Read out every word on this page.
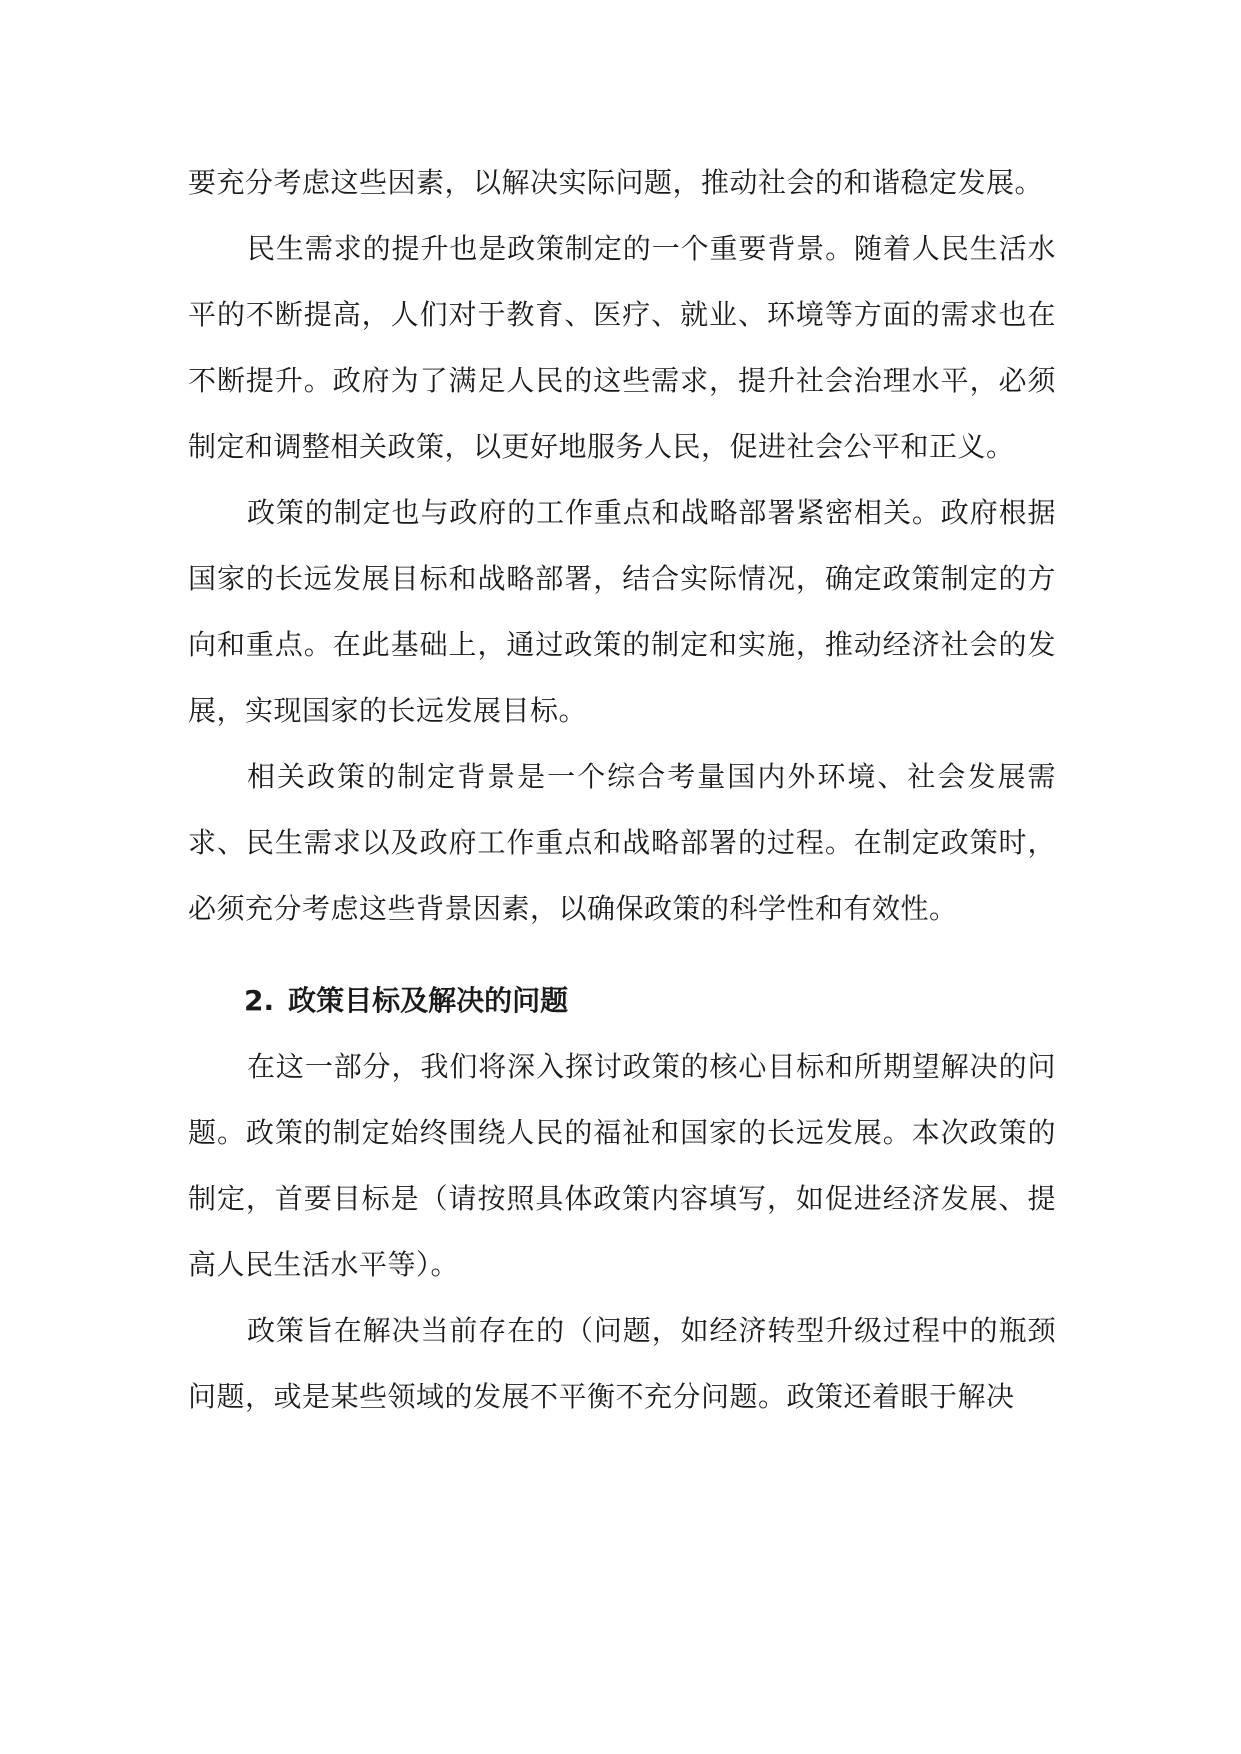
要充分考虑这些因素，以解决实际问题，推动社会的和谐稳定发展。

民生需求的提升也是政策制定的一个重要背景。随着人民生活水平的不断提高，人们对于教育、医疗、就业、环境等方面的需求也在不断提升。政府为了满足人民的这些需求，提升社会治理水平，必须制定和调整相关政策，以更好地服务人民，促进社会公平和正义。

政策的制定也与政府的工作重点和战略部署紧密相关。政府根据国家的长远发展目标和战略部署，结合实际情况，确定政策制定的方向和重点。在此基础上，通过政策的制定和实施，推动经济社会的发展，实现国家的长远发展目标。

相关政策的制定背景是一个综合考量国内外环境、社会发展需求、民生需求以及政府工作重点和战略部署的过程。在制定政策时，必须充分考虑这些背景因素，以确保政策的科学性和有效性。

2. 政策目标及解决的问题

在这一部分，我们将深入探讨政策的核心目标和所期望解决的问题。政策的制定始终围绕人民的福祉和国家的长远发展。本次政策的制定，首要目标是（请按照具体政策内容填写，如促进经济发展、提高人民生活水平等）。

政策旨在解决当前存在的（问题，如经济转型升级过程中的瓶颈问题，或是某些领域的发展不平衡不充分问题。政策还着眼于解决
